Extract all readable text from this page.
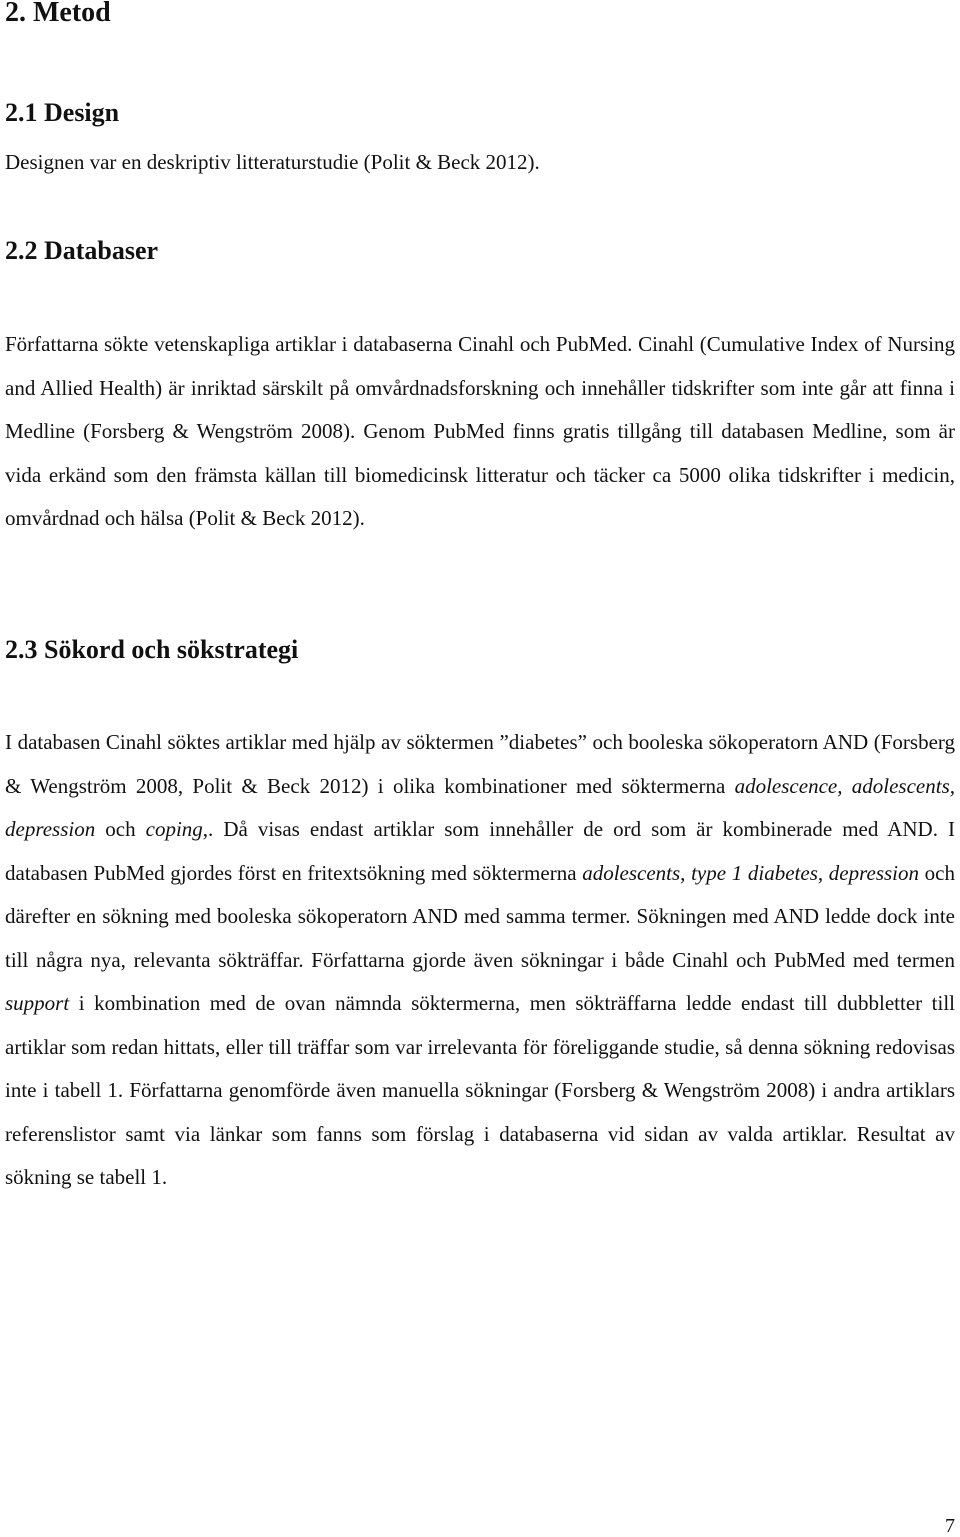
2. Metod
2.1 Design

Designen var en deskriptiv litteraturstudie (Polit & Beck 2012).

2.2 Databaser

Författarna sökte vetenskapliga artiklar i databaserna Cinahl och PubMed. Cinahl (Cumulative Index of Nursing and Allied Health) är inriktad särskilt på omvårdnadsforskning och innehåller tidskrifter som inte går att finna i Medline (Forsberg & Wengström 2008). Genom PubMed finns gratis tillgång till databasen Medline, som är vida erkänd som den främsta källan till biomedicinsk litteratur och täcker ca 5000 olika tidskrifter i medicin, omvårdnad och hälsa (Polit & Beck 2012).

2.3 Sökord och sökstrategi

I databasen Cinahl söktes artiklar med hjälp av söktermen ”diabetes” och booleska sökoperatorn AND (Forsberg & Wengström 2008, Polit & Beck 2012) i olika kombinationer med söktermerna adolescence, adolescents, depression och coping,. Då visas endast artiklar som innehåller de ord som är kombinerade med AND. I databasen PubMed gjordes först en fritextsökning med söktermerna adolescents, type 1 diabetes, depression och därefter en sökning med booleska sökoperatorn AND med samma termer. Sökningen med AND ledde dock inte till några nya, relevanta sökträffar. Författarna gjorde även sökningar i både Cinahl och PubMed med termen support i kombination med de ovan nämnda söktermerna, men sökträffarna ledde endast till dubbletter till artiklar som redan hittats, eller till träffar som var irrelevanta för föreliggande studie, så denna sökning redovisas inte i tabell 1. Författarna genomförde även manuella sökningar (Forsberg & Wengström 2008) i andra artiklars referenslistor samt via länkar som fanns som förslag i databaserna vid sidan av valda artiklar. Resultat av sökning se tabell 1.

7
